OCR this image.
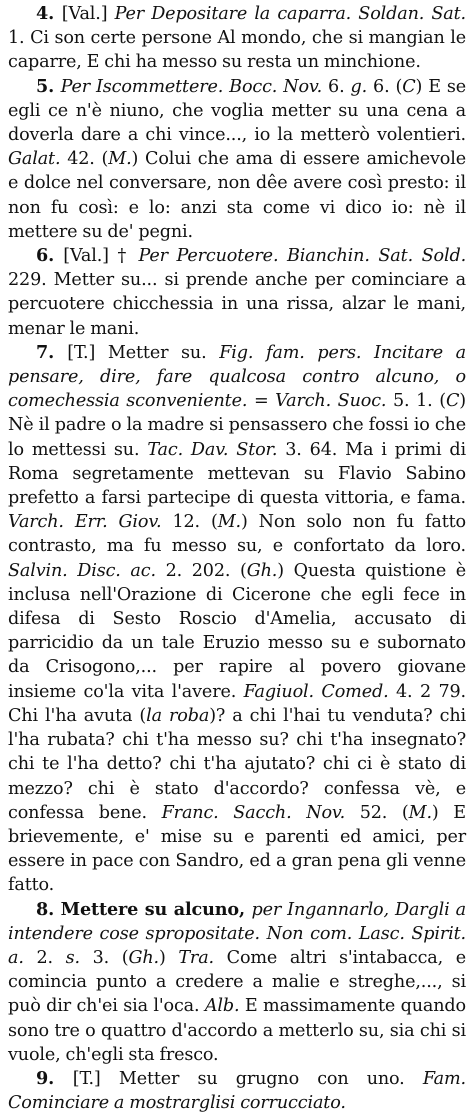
4. [Val.] Per Depositare la caparra. Soldan. Sat. 1. Ci son certe persone Al mondo, che si mangian le caparre, E chi ha messo su resta un minchione.

5. Per Iscommettere. Bocc. Nov. 6. g. 6. (C) E se egli ce n'è niuno, che voglia metter su una cena a doverla dare a chi vince..., io la metterò volentieri. Galat. 42. (M.) Colui che ama di essere amichevole e dolce nel conversare, non dêe avere così presto: il non fu così: e lo: anzi sta come vi dico io: nè il mettere su de' pegni.

6. [Val.] † Per Percuotere. Bianchin. Sat. Sold. 229. Metter su... si prende anche per cominciare a percuotere chicchessia in una rissa, alzar le mani, menar le mani.

7. [T.] Metter su. Fig. fam. pers. Incitare a pensare, dire, fare qualcosa contro alcuno, o comechessia sconveniente. = Varch. Suoc. 5. 1. (C) Nè il padre o la madre si pensassero che fossi io che lo mettessi su. Tac. Dav. Stor. 3. 64. Ma i primi di Roma segretamente mettevan su Flavio Sabino prefetto a farsi partecipe di questa vittoria, e fama. Varch. Err. Giov. 12. (M.) Non solo non fu fatto contrasto, ma fu messo su, e confortato da loro. Salvin. Disc. ac. 2. 202. (Gh.) Questa quistione è inclusa nell'Orazione di Cicerone che egli fece in difesa di Sesto Roscio d'Amelia, accusato di parricidio da un tale Eruzio messo su e subornato da Crisogono,... per rapire al povero giovane insieme co'la vita l'avere. Fagiuol. Comed. 4. 2 79. Chi l'ha avuta (la roba)? a chi l'hai tu venduta? chi l'ha rubata? chi t'ha messo su? chi t'ha insegnato? chi te l'ha detto? chi t'ha ajutato? chi ci è stato di mezzo? chi è stato d'accordo? confessa vè, e confessa bene. Franc. Sacch. Nov. 52. (M.) E brievemente, e' mise su e parenti ed amici, per essere in pace con Sandro, ed a gran pena gli venne fatto.

8. Mettere su alcuno, per Ingannarlo, Dargli a intendere cose spropositate. Non com. Lasc. Spirit. a. 2. s. 3. (Gh.) Tra. Come altri s'intabacca, e comincia punto a credere a malie e streghe,..., si può dir ch'ei sia l'oca. Alb. E massimamente quando sono tre o quattro d'accordo a metterlo su, sia chi si vuole, ch'egli sta fresco.

9. [T.] Metter su grugno con uno. Fam. Cominciare a mostrarglisi corrucciato.
